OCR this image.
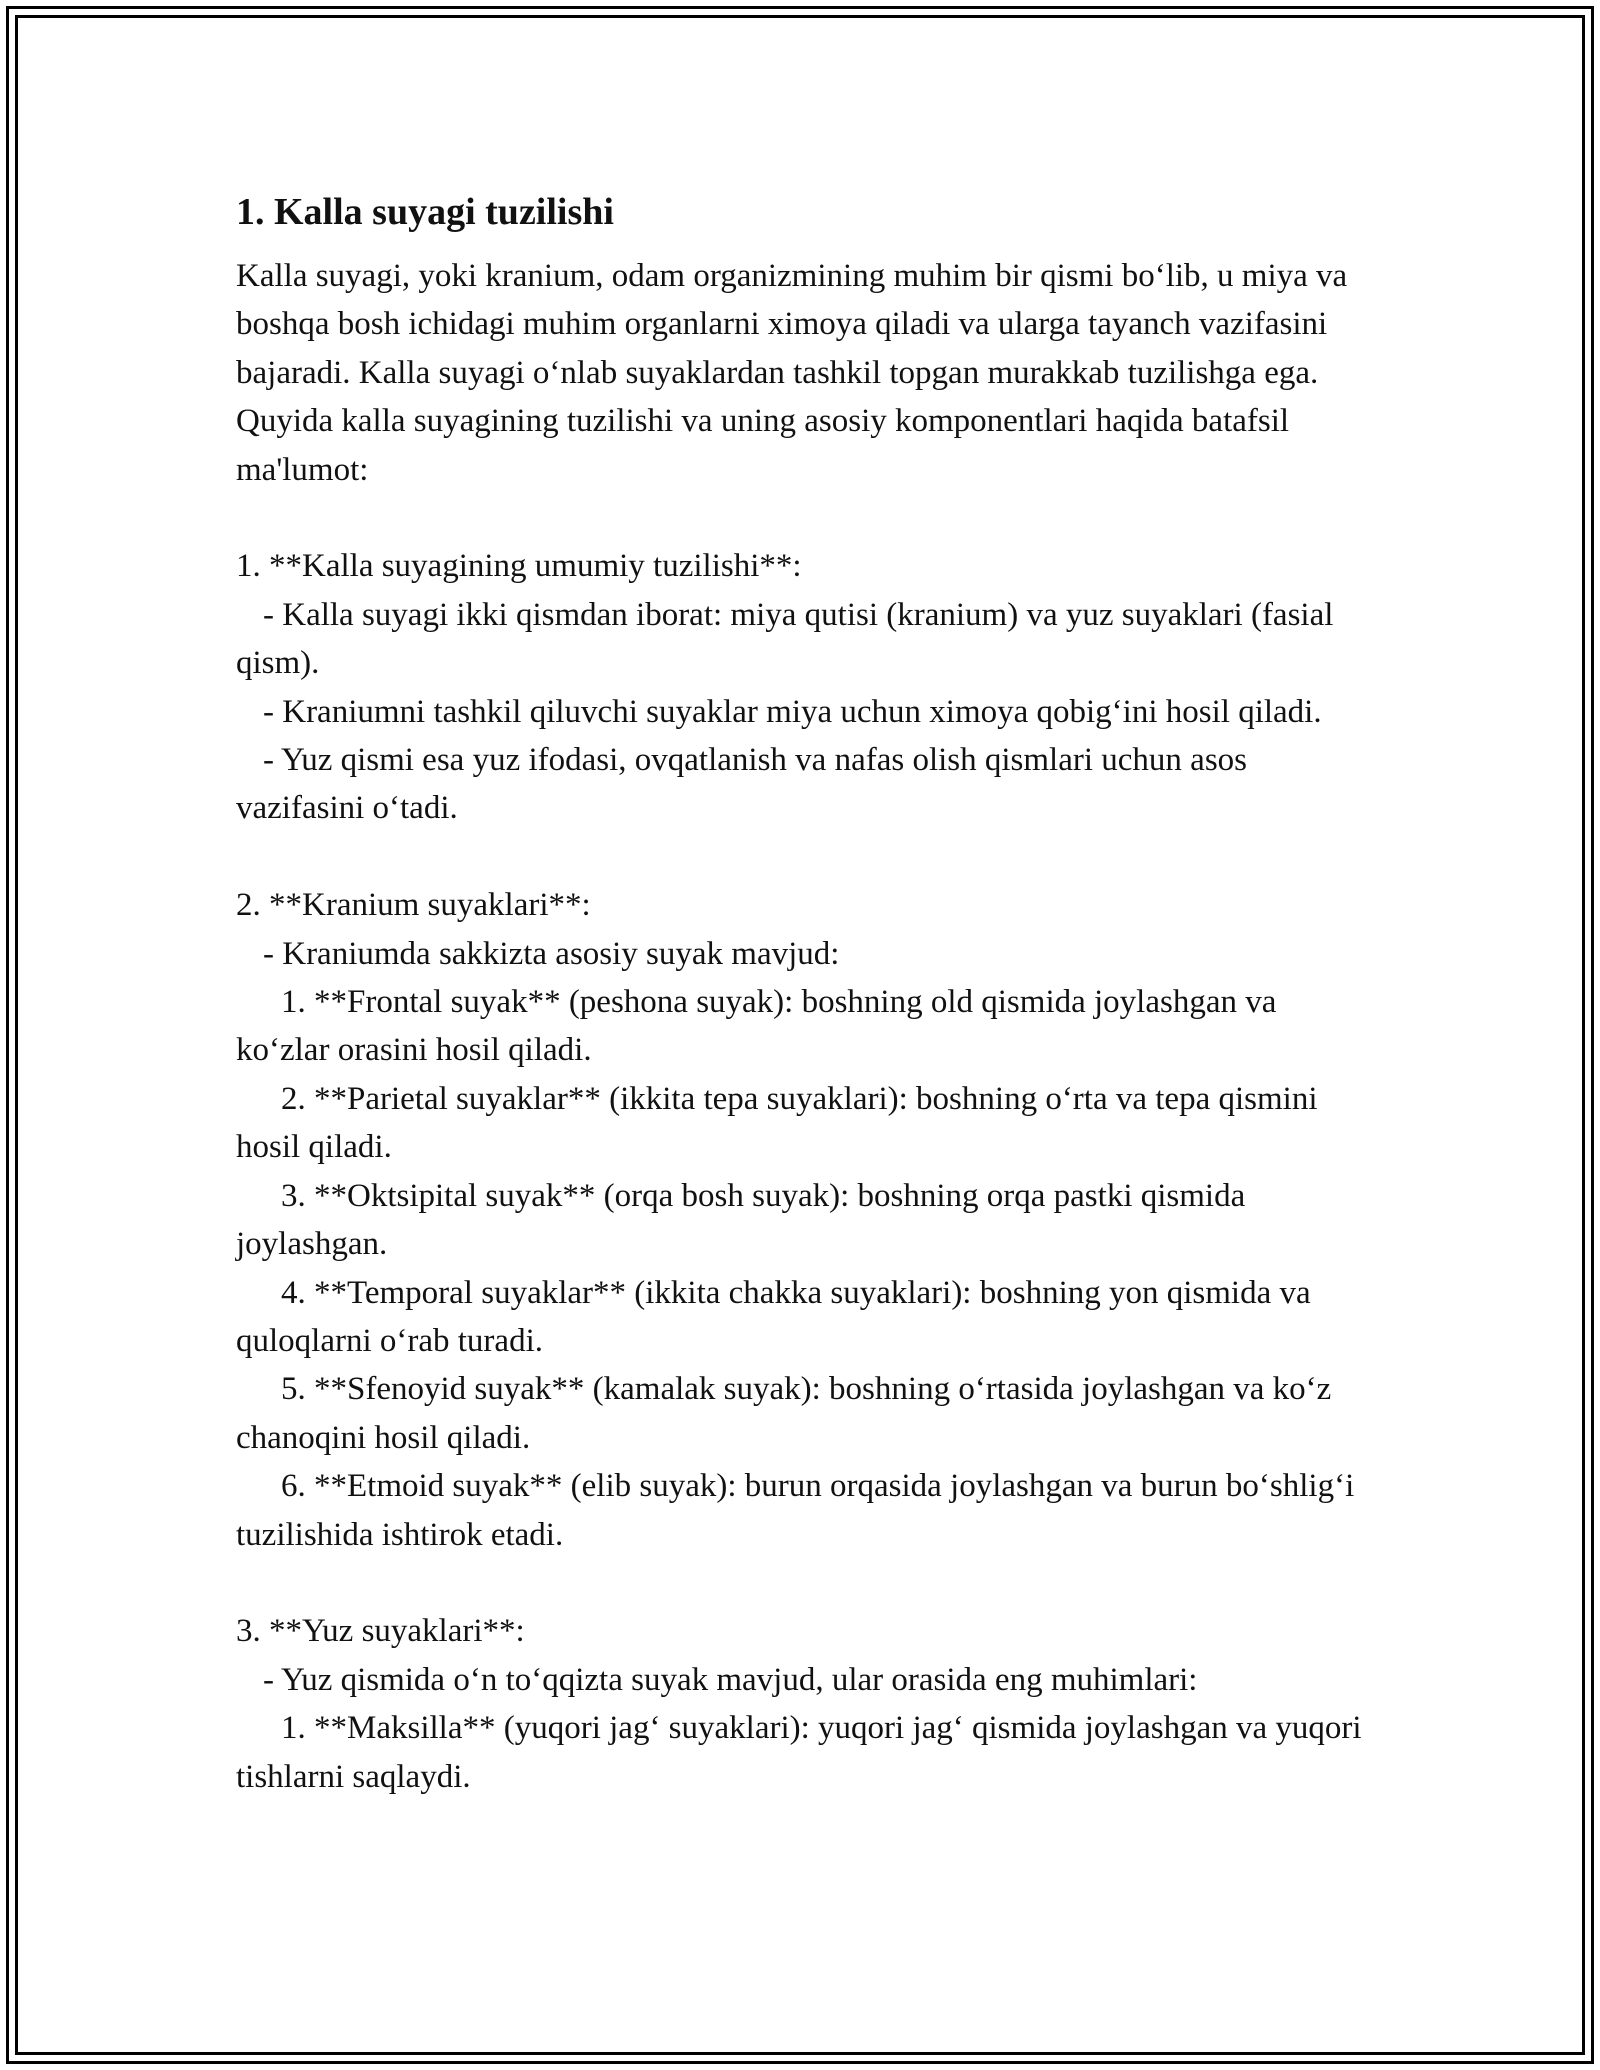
1. Kalla suyagi tuzilishi

Kalla suyagi, yoki kranium, odam organizmining muhim bir qismi bo‘lib, u miya va boshqa bosh ichidagi muhim organlarni ximoya qiladi va ularga tayanch vazifasini bajaradi. Kalla suyagi o‘nlab suyaklardan tashkil topgan murakkab tuzilishga ega. Quyida kalla suyagining tuzilishi va uning asosiy komponentlari haqida batafsil ma'lumot:

1. **Kalla suyagining umumiy tuzilishi**:

- Kalla suyagi ikki qismdan iborat: miya qutisi (kranium) va yuz suyaklari (fasial qism).

- Kraniumni tashkil qiluvchi suyaklar miya uchun ximoya qobig‘ini hosil qiladi.

- Yuz qismi esa yuz ifodasi, ovqatlanish va nafas olish qismlari uchun asos vazifasini o‘tadi.

2. **Kranium suyaklari**:

- Kraniumda sakkizta asosiy suyak mavjud:

1. **Frontal suyak** (peshona suyak): boshning old qismida joylashgan va ko‘zlar orasini hosil qiladi.

2. **Parietal suyaklar** (ikkita tepa suyaklari): boshning o‘rta va tepa qismini hosil qiladi.

3. **Oktsipital suyak** (orqa bosh suyak): boshning orqa pastki qismida joylashgan.

4. **Temporal suyaklar** (ikkita chakka suyaklari): boshning yon qismida va quloqlarni o‘rab turadi.

5. **Sfenoyid suyak** (kamalak suyak): boshning o‘rtasida joylashgan va ko‘z chanoqini hosil qiladi.

6. **Etmoid suyak** (elib suyak): burun orqasida joylashgan va burun bo‘shlig‘i tuzilishida ishtirok etadi.

3. **Yuz suyaklari**:

- Yuz qismida o‘n to‘qqizta suyak mavjud, ular orasida eng muhimlari:

1. **Maksilla** (yuqori jag‘ suyaklari): yuqori jag‘ qismida joylashgan va yuqori tishlarni saqlaydi.
